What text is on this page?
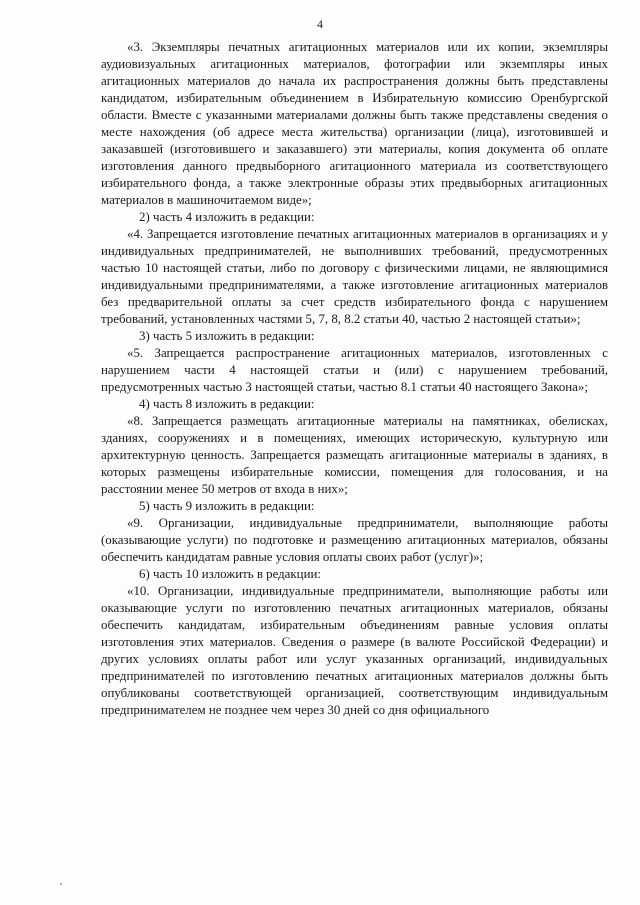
4

«3. Экземпляры печатных агитационных материалов или их копии, экземпляры аудиовизуальных агитационных материалов, фотографии или экземпляры иных агитационных материалов до начала их распространения должны быть представлены кандидатом, избирательным объединением в Избирательную комиссию Оренбургской области. Вместе с указанными материалами должны быть также представлены сведения о месте нахождения (об адресе места жительства) организации (лица), изготовившей и заказавшей (изготовившего и заказавшего) эти материалы, копия документа об оплате изготовления данного предвыборного агитационного материала из соответствующего избирательного фонда, а также электронные образы этих предвыборных агитационных материалов в машиночитаемом виде»;

2) часть 4 изложить в редакции:

«4. Запрещается изготовление печатных агитационных материалов в организациях и у индивидуальных предпринимателей, не выполнивших требований, предусмотренных частью 10 настоящей статьи, либо по договору с физическими лицами, не являющимися индивидуальными предпринимателями, а также изготовление агитационных материалов без предварительной оплаты за счет средств избирательного фонда с нарушением требований, установленных частями 5, 7, 8, 8.2 статьи 40, частью 2 настоящей статьи»;

3) часть 5 изложить в редакции:

«5. Запрещается распространение агитационных материалов, изготовленных с нарушением части 4 настоящей статьи и (или) с нарушением требований, предусмотренных частью 3 настоящей статьи, частью 8.1 статьи 40 настоящего Закона»;

4) часть 8 изложить в редакции:

«8. Запрещается размещать агитационные материалы на памятниках, обелисках, зданиях, сооружениях и в помещениях, имеющих историческую, культурную или архитектурную ценность. Запрещается размещать агитационные материалы в зданиях, в которых размещены избирательные комиссии, помещения для голосования, и на расстоянии менее 50 метров от входа в них»;

5) часть 9 изложить в редакции:

«9. Организации, индивидуальные предприниматели, выполняющие работы (оказывающие услуги) по подготовке и размещению агитационных материалов, обязаны обеспечить кандидатам равные условия оплаты своих работ (услуг)»;

6) часть 10 изложить в редакции:

«10. Организации, индивидуальные предприниматели, выполняющие работы или оказывающие услуги по изготовлению печатных агитационных материалов, обязаны обеспечить кандидатам, избирательным объединениям равные условия оплаты изготовления этих материалов. Сведения о размере (в валюте Российской Федерации) и других условиях оплаты работ или услуг указанных организаций, индивидуальных предпринимателей по изготовлению печатных агитационных материалов должны быть опубликованы соответствующей организацией, соответствующим индивидуальным предпринимателем не позднее чем через 30 дней со дня официального
